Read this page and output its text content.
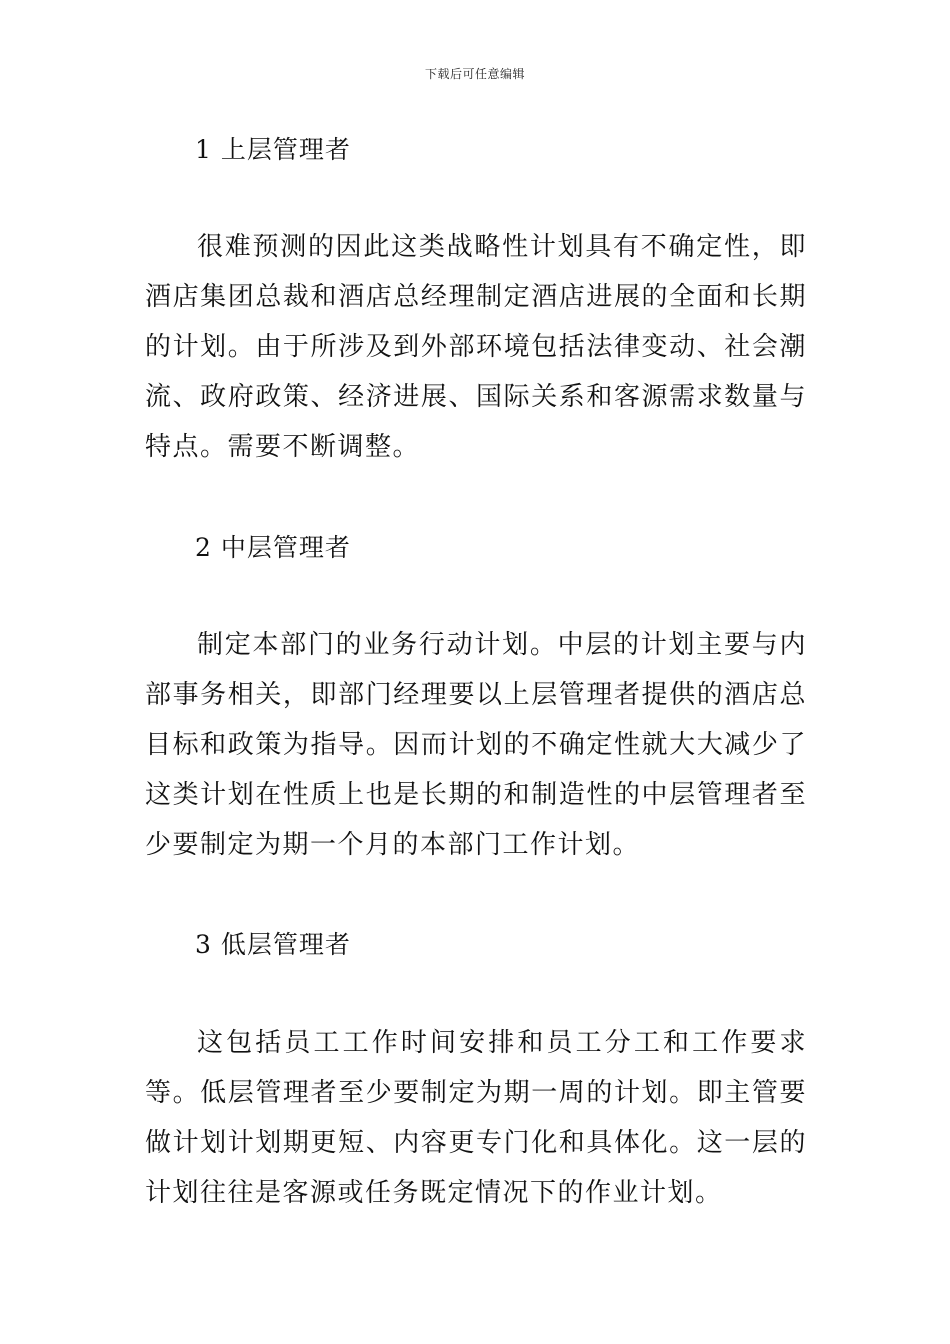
下载后可任意编辑
1 上层管理者
很难预测的因此这类战略性计划具有不确定性，即酒店集团总裁和酒店总经理制定酒店进展的全面和长期的计划。由于所涉及到外部环境包括法律变动、社会潮流、政府政策、经济进展、国际关系和客源需求数量与特点。需要不断调整。
2 中层管理者
制定本部门的业务行动计划。中层的计划主要与内部事务相关，即部门经理要以上层管理者提供的酒店总目标和政策为指导。因而计划的不确定性就大大减少了这类计划在性质上也是长期的和制造性的中层管理者至少要制定为期一个月的本部门工作计划。
3 低层管理者
这包括员工工作时间安排和员工分工和工作要求等。低层管理者至少要制定为期一周的计划。即主管要做计划计划期更短、内容更专门化和具体化。这一层的计划往往是客源或任务既定情况下的作业计划。
